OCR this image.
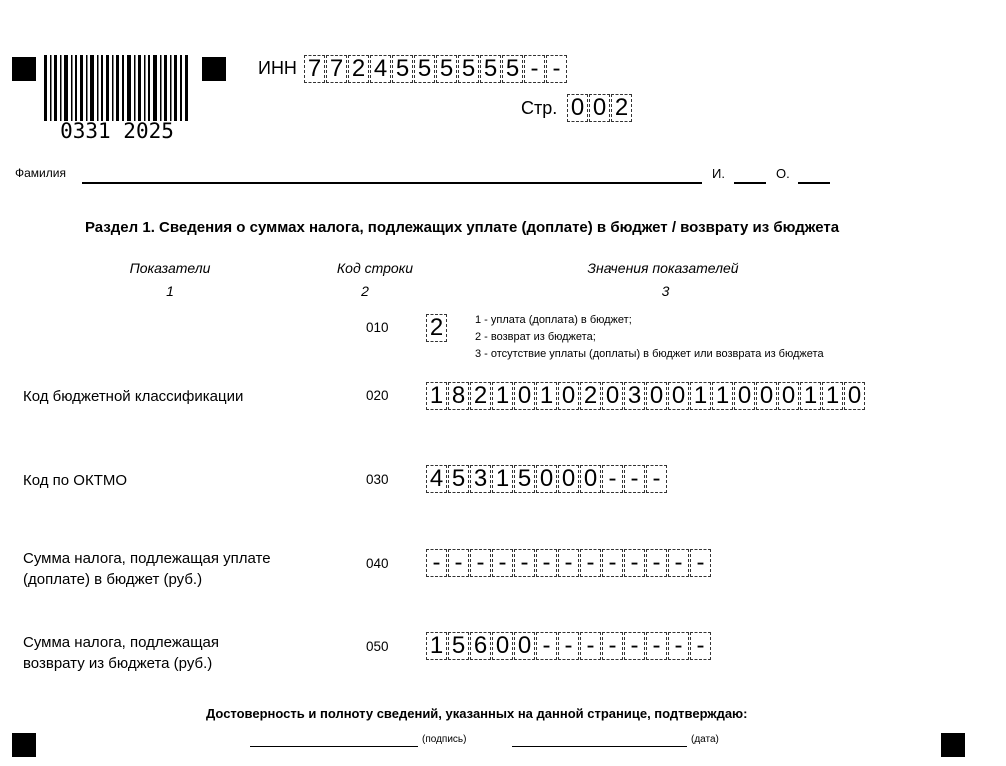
0331 2025
ИНН 7 7 2 4 5 5 5 5 5 5 - -
Стр. 0 0 2
Фамилия	И.	О.
Раздел 1. Сведения о суммах налога, подлежащих уплате (доплате) в бюджет / возврату из бюджета
Показатели
1
Код строки
2
Значения показателей
3
010 2	1 - уплата (доплата) в бюджет;
2 - возврат из бюджета;
3 - отсутствие уплаты (доплаты) в бюджет или возврата из бюджета
Код бюджетной классификации	020 1 8 2 1 0 1 0 2 0 3 0 0 1 1 0 0 0 1 1 0
Код по ОКТМО	030 4 5 3 1 5 0 0 0 - - -
Сумма налога, подлежащая уплате
(доплате) в бюджет (руб.)
040 - - - - - - - - - - - - -
Сумма налога, подлежащая
возврату из бюджета (руб.)
050 1 5 6 0 0 - - - - - - - -
Достоверность и полноту сведений, указанных на данной странице, подтверждаю:
(подпись)	(дата)
